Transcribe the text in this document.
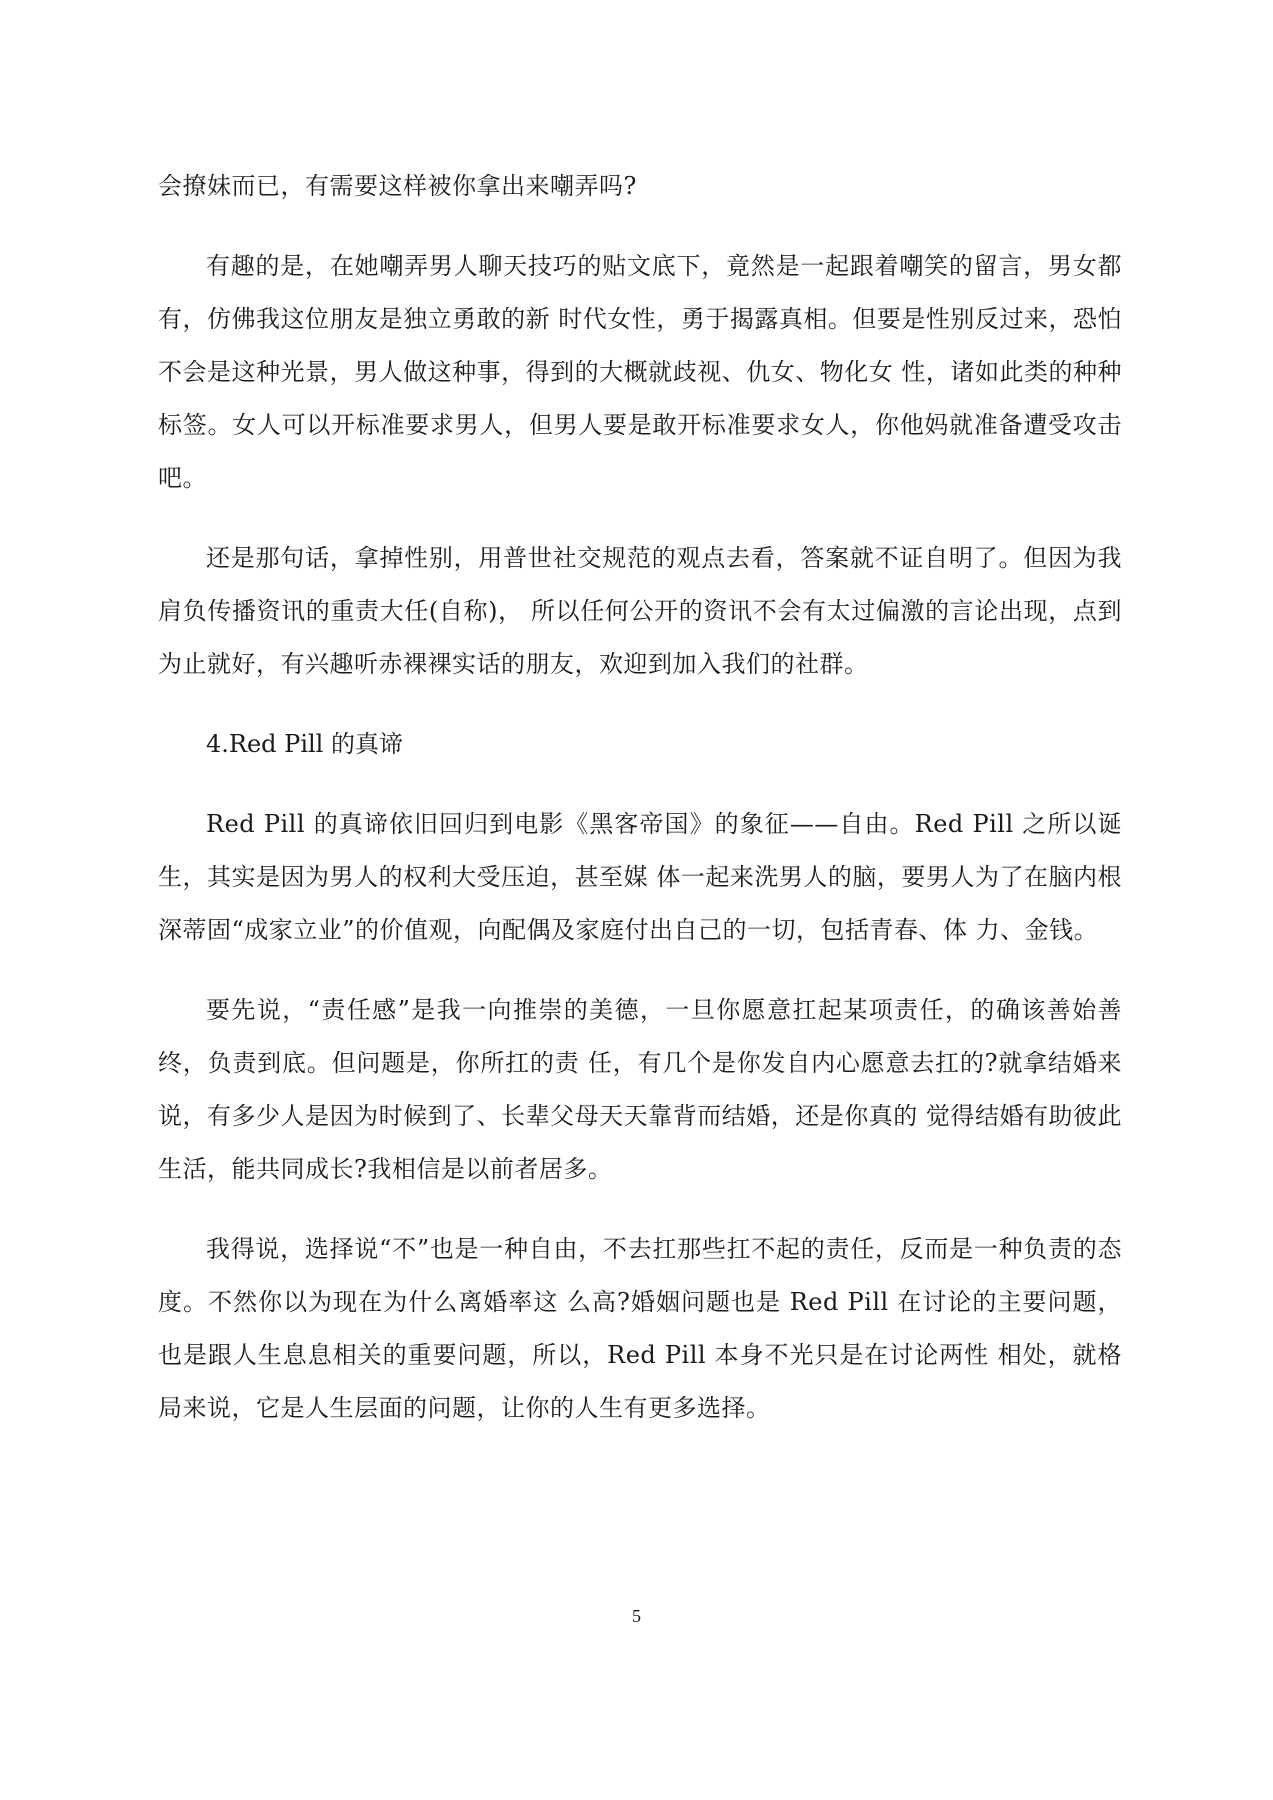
会撩妹而已，有需要这样被你拿出来嘲弄吗?

有趣的是，在她嘲弄男人聊天技巧的贴文底下，竟然是一起跟着嘲笑的留言，男女都有，仿佛我这位朋友是独立勇敢的新 时代女性，勇于揭露真相。但要是性别反过来，恐怕不会是这种光景，男人做这种事，得到的大概就歧视、仇女、物化女 性，诸如此类的种种标签。女人可以开标准要求男人，但男人要是敢开标准要求女人，你他妈就准备遭受攻击吧。

还是那句话，拿掉性别，用普世社交规范的观点去看，答案就不证自明了。但因为我肩负传播资讯的重责大任(自称)， 所以任何公开的资讯不会有太过偏激的言论出现，点到为止就好，有兴趣听赤裸裸实话的朋友，欢迎到加入我们的社群。

4.Red Pill 的真谛

Red Pill 的真谛依旧回归到电影《黑客帝国》的象征——自由。Red Pill 之所以诞生，其实是因为男人的权利大受压迫，甚至媒 体一起来洗男人的脑，要男人为了在脑内根深蒂固“成家立业”的价值观，向配偶及家庭付出自己的一切，包括青春、体 力、金钱。

要先说，“责任感”是我一向推崇的美德，一旦你愿意扛起某项责任，的确该善始善终，负责到底。但问题是，你所扛的责 任，有几个是你发自内心愿意去扛的?就拿结婚来说，有多少人是因为时候到了、长辈父母天天靠背而结婚，还是你真的 觉得结婚有助彼此生活，能共同成长?我相信是以前者居多。

我得说，选择说“不”也是一种自由，不去扛那些扛不起的责任，反而是一种负责的态度。不然你以为现在为什么离婚率这 么高?婚姻问题也是 Red Pill 在讨论的主要问题，也是跟人生息息相关的重要问题，所以，Red Pill 本身不光只是在讨论两性 相处，就格局来说，它是人生层面的问题，让你的人生有更多选择。

5
